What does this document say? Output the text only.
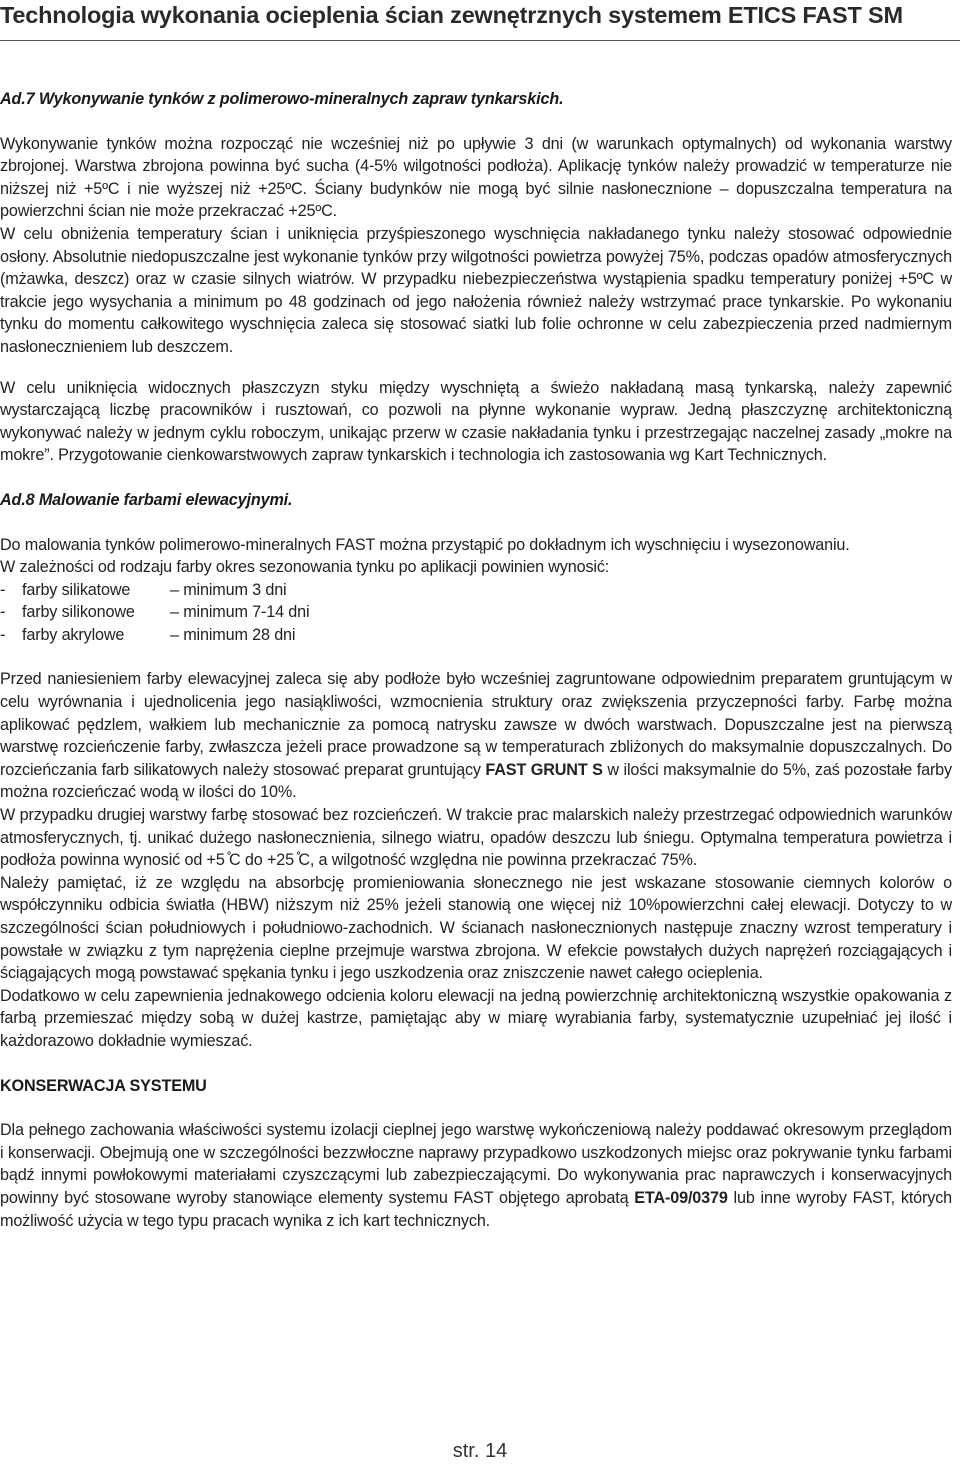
Technologia wykonania ocieplenia ścian zewnętrznych systemem ETICS FAST SM

Ad.7 Wykonywanie tynków z polimerowo-mineralnych zapraw tynkarskich.

Wykonywanie tynków można rozpocząć nie wcześniej niż po upływie 3 dni (w warunkach optymalnych) od wykonania warstwy zbrojonej. Warstwa zbrojona powinna być sucha (4-5% wilgotności podłoża). Aplikację tynków należy prowadzić w temperaturze nie niższej niż +5ºC i nie wyższej niż +25ºC. Ściany budynków nie mogą być silnie nasłonecznione – dopuszczalna temperatura na powierzchni ścian nie może przekraczać +25ºC.

W celu obniżenia temperatury ścian i uniknięcia przyśpieszonego wyschnięcia nakładanego tynku należy stosować odpowiednie osłony. Absolutnie niedopuszczalne jest wykonanie tynków przy wilgotności powietrza powyżej 75%, podczas opadów atmosferycznych (mżawka, deszcz) oraz w czasie silnych wiatrów. W przypadku niebezpieczeństwa wystąpienia spadku temperatury poniżej +5ºC w trakcie jego wysychania a minimum po 48 godzinach od jego nałożenia również należy wstrzymać prace tynkarskie. Po wykonaniu tynku do momentu całkowitego wyschnięcia zaleca się stosować siatki lub folie ochronne w celu zabezpieczenia przed nadmiernym nasłonecznieniem lub deszczem.

W celu uniknięcia widocznych płaszczyzn styku między wyschniętą a świeżo nakładaną masą tynkarską, należy zapewnić wystarczającą liczbę pracowników i rusztowań, co pozwoli na płynne wykonanie wypraw. Jedną płaszczyznę architektoniczną wykonywać należy w jednym cyklu roboczym, unikając przerw w czasie nakładania tynku i przestrzegając naczelnej zasady „mokre na mokre”. Przygotowanie cienkowarstwowych zapraw tynkarskich i technologia ich zastosowania wg Kart Technicznych.

Ad.8 Malowanie farbami elewacyjnymi.

Do malowania tynków polimerowo-mineralnych FAST można przystąpić po dokładnym ich wyschnięciu i wysezonowaniu.

W zależności od rodzaju farby okres sezonowania tynku po aplikacji powinien wynosić:

-	farby silikatowe	– minimum 3 dni
-	farby silikonowe	– minimum 7-14 dni
-	farby akrylowe	– minimum 28 dni

Przed naniesieniem farby elewacyjnej zaleca się aby podłoże było wcześniej zagruntowane odpowiednim preparatem gruntującym w celu wyrównania i ujednolicenia jego nasiąkliwości, wzmocnienia struktury oraz zwiększenia przyczepności farby. Farbę można aplikować pędzlem, wałkiem lub mechanicznie za pomocą natrysku zawsze w dwóch warstwach. Dopuszczalne jest na pierwszą warstwę rozcieńczenie farby, zwłaszcza jeżeli prace prowadzone są w temperaturach zbliżonych do maksymalnie dopuszczalnych. Do rozcieńczania farb silikatowych należy stosować preparat gruntujący FAST GRUNT S w ilości maksymalnie do 5%, zaś pozostałe farby można rozcieńczać wodą w ilości do 10%.

W przypadku drugiej warstwy farbę stosować bez rozcieńczeń. W trakcie prac malarskich należy przestrzegać odpowiednich warunków atmosferycznych, tj. unikać dużego nasłonecznienia, silnego wiatru, opadów deszczu lub śniegu. Optymalna temperatura powietrza i podłoża powinna wynosić od +5 ̊C do +25 ̊C, a wilgotność względna nie powinna przekraczać 75%.

Należy pamiętać, iż ze względu na absorbcję promieniowania słonecznego nie jest wskazane stosowanie ciemnych kolorów o współczynniku odbicia światła (HBW) niższym niż 25% jeżeli stanowią one więcej niż 10%powierzchni całej elewacji. Dotyczy to w szczególności ścian południowych i południowo-zachodnich. W ścianach nasłonecznionych następuje znaczny wzrost temperatury i powstałe w związku z tym naprężenia cieplne przejmuje warstwa zbrojona. W efekcie powstałych dużych naprężeń rozciągających i ściągających mogą powstawać spękania tynku i jego uszkodzenia oraz zniszczenie nawet całego ocieplenia.

Dodatkowo w celu zapewnienia jednakowego odcienia koloru elewacji na jedną powierzchnię architektoniczną wszystkie opakowania z farbą przemieszać między sobą w dużej kastrze, pamiętając aby w miarę wyrabiania farby, systematycznie uzupełniać jej ilość i każdorazowo dokładnie wymieszać.

KONSERWACJA SYSTEMU

Dla pełnego zachowania właściwości systemu izolacji cieplnej jego warstwę wykończeniową należy poddawać okresowym przeglądom i konserwacji. Obejmują one w szczególności bezzwłoczne naprawy przypadkowo uszkodzonych miejsc oraz pokrywanie tynku farbami bądź innymi powłokowymi materiałami czyszczącymi lub zabezpieczającymi. Do wykonywania prac naprawczych i konserwacyjnych powinny być stosowane wyroby stanowiące elementy systemu FAST objętego aprobatą ETA-09/0379 lub inne wyroby FAST, których możliwość użycia w tego typu pracach wynika z ich kart technicznych.

str. 14
